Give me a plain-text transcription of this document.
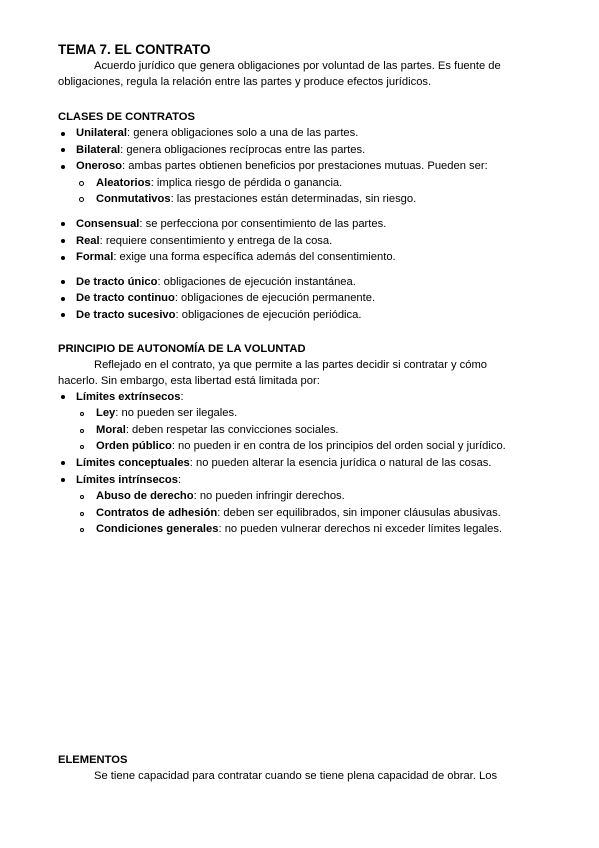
TEMA 7. EL CONTRATO

Acuerdo jurídico que genera obligaciones por voluntad de las partes. Es fuente de

obligaciones, regula la relación entre las partes y produce efectos jurídicos.

CLASES DE CONTRATOS
Unilateral: genera obligaciones solo a una de las partes.
Bilateral: genera obligaciones recíprocas entre las partes.
Oneroso: ambas partes obtienen beneficios por prestaciones mutuas. Pueden ser:
Aleatorios: implica riesgo de pérdida o ganancia.
Conmutativos: las prestaciones están determinadas, sin riesgo.
Consensual: se perfecciona por consentimiento de las partes.
Real: requiere consentimiento y entrega de la cosa.
Formal: exige una forma específica además del consentimiento.
De tracto único: obligaciones de ejecución instantánea.
De tracto continuo: obligaciones de ejecución permanente.
De tracto sucesivo: obligaciones de ejecución periódica.
PRINCIPIO DE AUTONOMÍA DE LA VOLUNTAD

Reflejado en el contrato, ya que permite a las partes decidir si contratar y cómo

hacerlo. Sin embargo, esta libertad está limitada por:

Límites extrínsecos:
Ley: no pueden ser ilegales.
Moral: deben respetar las convicciones sociales.
Orden público: no pueden ir en contra de los principios del orden social y jurídico.
Límites conceptuales: no pueden alterar la esencia jurídica o natural de las cosas.
Límites intrínsecos:
Abuso de derecho: no pueden infringir derechos.
Contratos de adhesión: deben ser equilibrados, sin imponer cláusulas abusivas.
Condiciones generales: no pueden vulnerar derechos ni exceder límites legales.
ELEMENTOS

Se tiene capacidad para contratar cuando se tiene plena capacidad de obrar. Los
